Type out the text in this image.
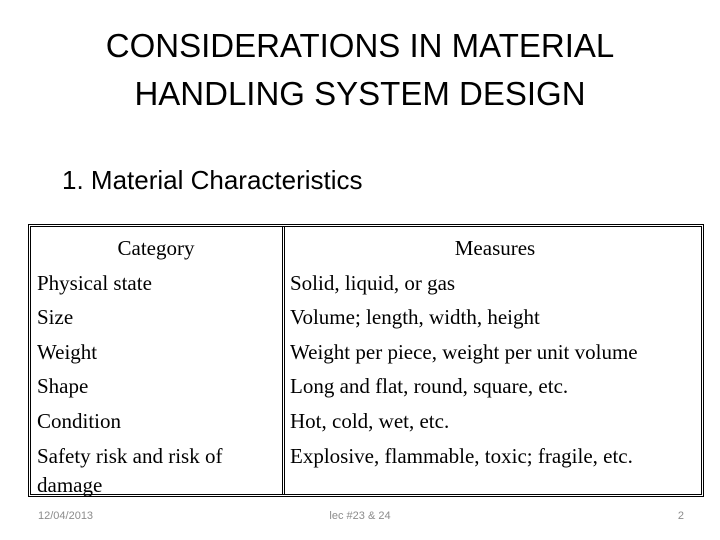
CONSIDERATIONS IN MATERIAL
HANDLING SYSTEM DESIGN
1. Material Characteristics
Category
Physical state
Size
Weight
Shape
Condition
Safety risk and risk of damage
Measures
Solid, liquid, or gas
Volume; length, width, height
Weight per piece, weight per unit volume
Long and flat, round, square, etc.
Hot, cold, wet, etc.
Explosive, flammable, toxic; fragile, etc.
12/04/2013	lec #23 & 24	2
